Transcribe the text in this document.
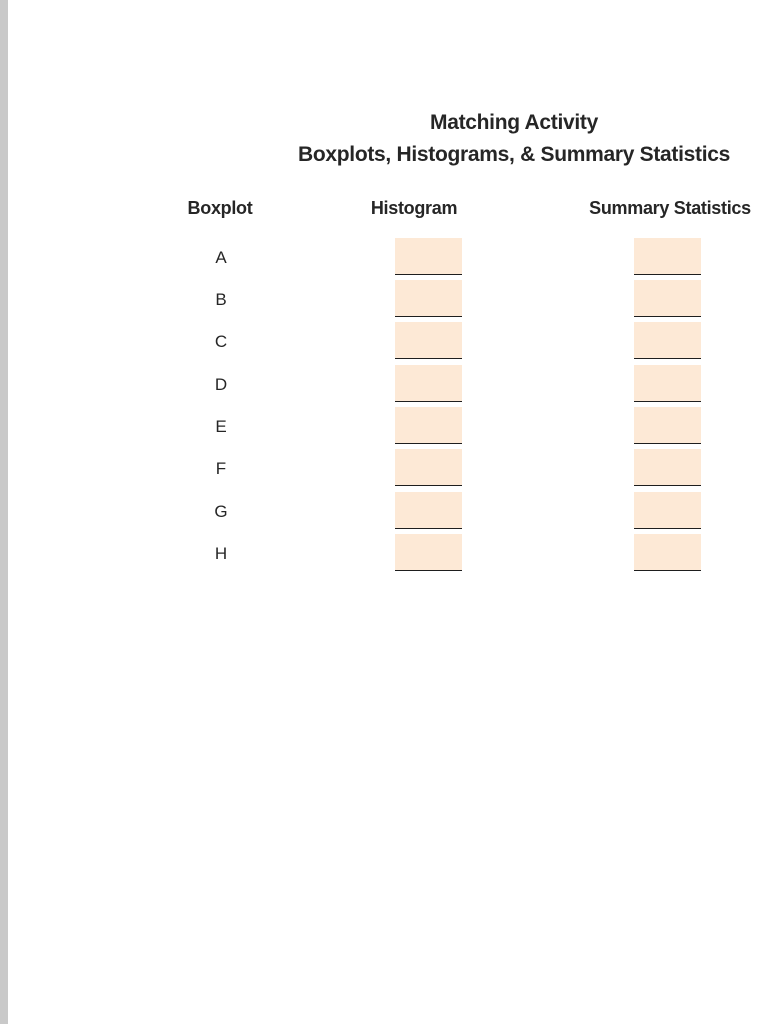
Matching Activity
Boxplots, Histograms, & Summary Statistics
Boxplot	Histogram	Summary Statistics
A
B
C
D
E
F
G
H
